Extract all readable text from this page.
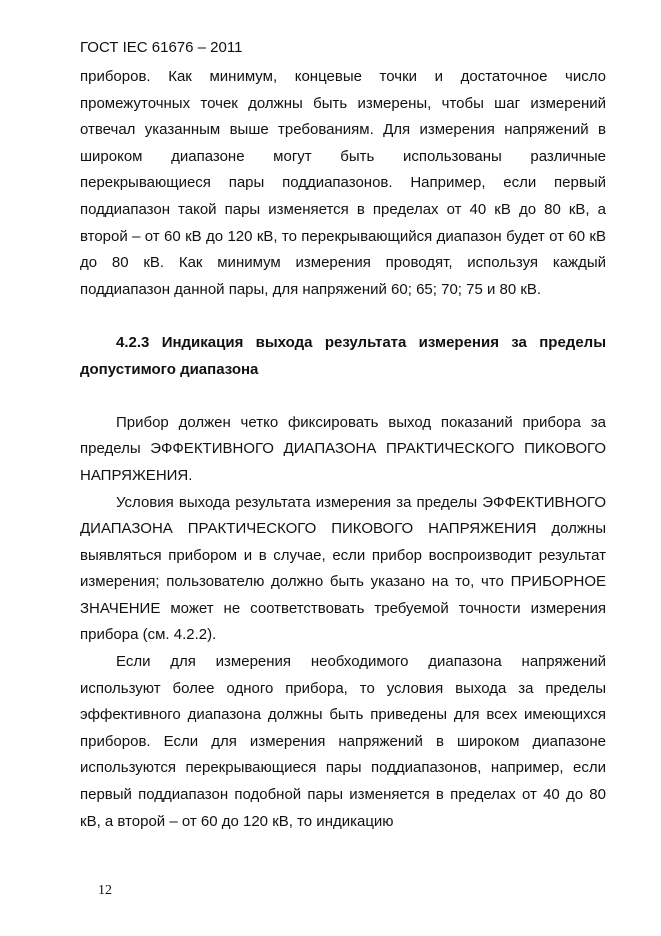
ГОСТ IEC 61676 – 2011

приборов. Как минимум, концевые точки и достаточное число промежуточных точек должны быть измерены, чтобы шаг измерений отвечал указанным выше требованиям. Для измерения напряжений в широком диапазоне могут быть использованы различные перекрывающиеся пары поддиапазонов. Например, если первый поддиапазон такой пары изменяется в пределах от 40 кВ до 80 кВ, а второй – от 60 кВ до 120 кВ, то перекрывающийся диапазон будет от 60 кВ до 80 кВ. Как минимум измерения проводят, используя каждый поддиапазон данной пары, для напряжений 60; 65; 70; 75 и 80 кВ.

4.2.3 Индикация выхода результата измерения за пределы допустимого диапазона

Прибор должен четко фиксировать выход показаний прибора за пределы ЭФФЕКТИВНОГО ДИАПАЗОНА ПРАКТИЧЕСКОГО ПИКОВОГО НАПРЯЖЕНИЯ.

Условия выхода результата измерения за пределы ЭФФЕКТИВНОГО ДИАПАЗОНА ПРАКТИЧЕСКОГО ПИКОВОГО НАПРЯЖЕНИЯ должны выявляться прибором и в случае, если прибор воспроизводит результат измерения; пользователю должно быть указано на то, что ПРИБОРНОЕ ЗНАЧЕНИЕ может не соответствовать требуемой точности измерения прибора (см. 4.2.2).

Если для измерения необходимого диапазона напряжений используют более одного прибора, то условия выхода за пределы эффективного диапазона должны быть приведены для всех имеющихся приборов. Если для измерения напряжений в широком диапазоне используются перекрывающиеся пары поддиапазонов, например, если первый поддиапазон подобной пары изменяется в пределах от 40 до 80 кВ, а второй – от 60 до 120 кВ, то индикацию

12
